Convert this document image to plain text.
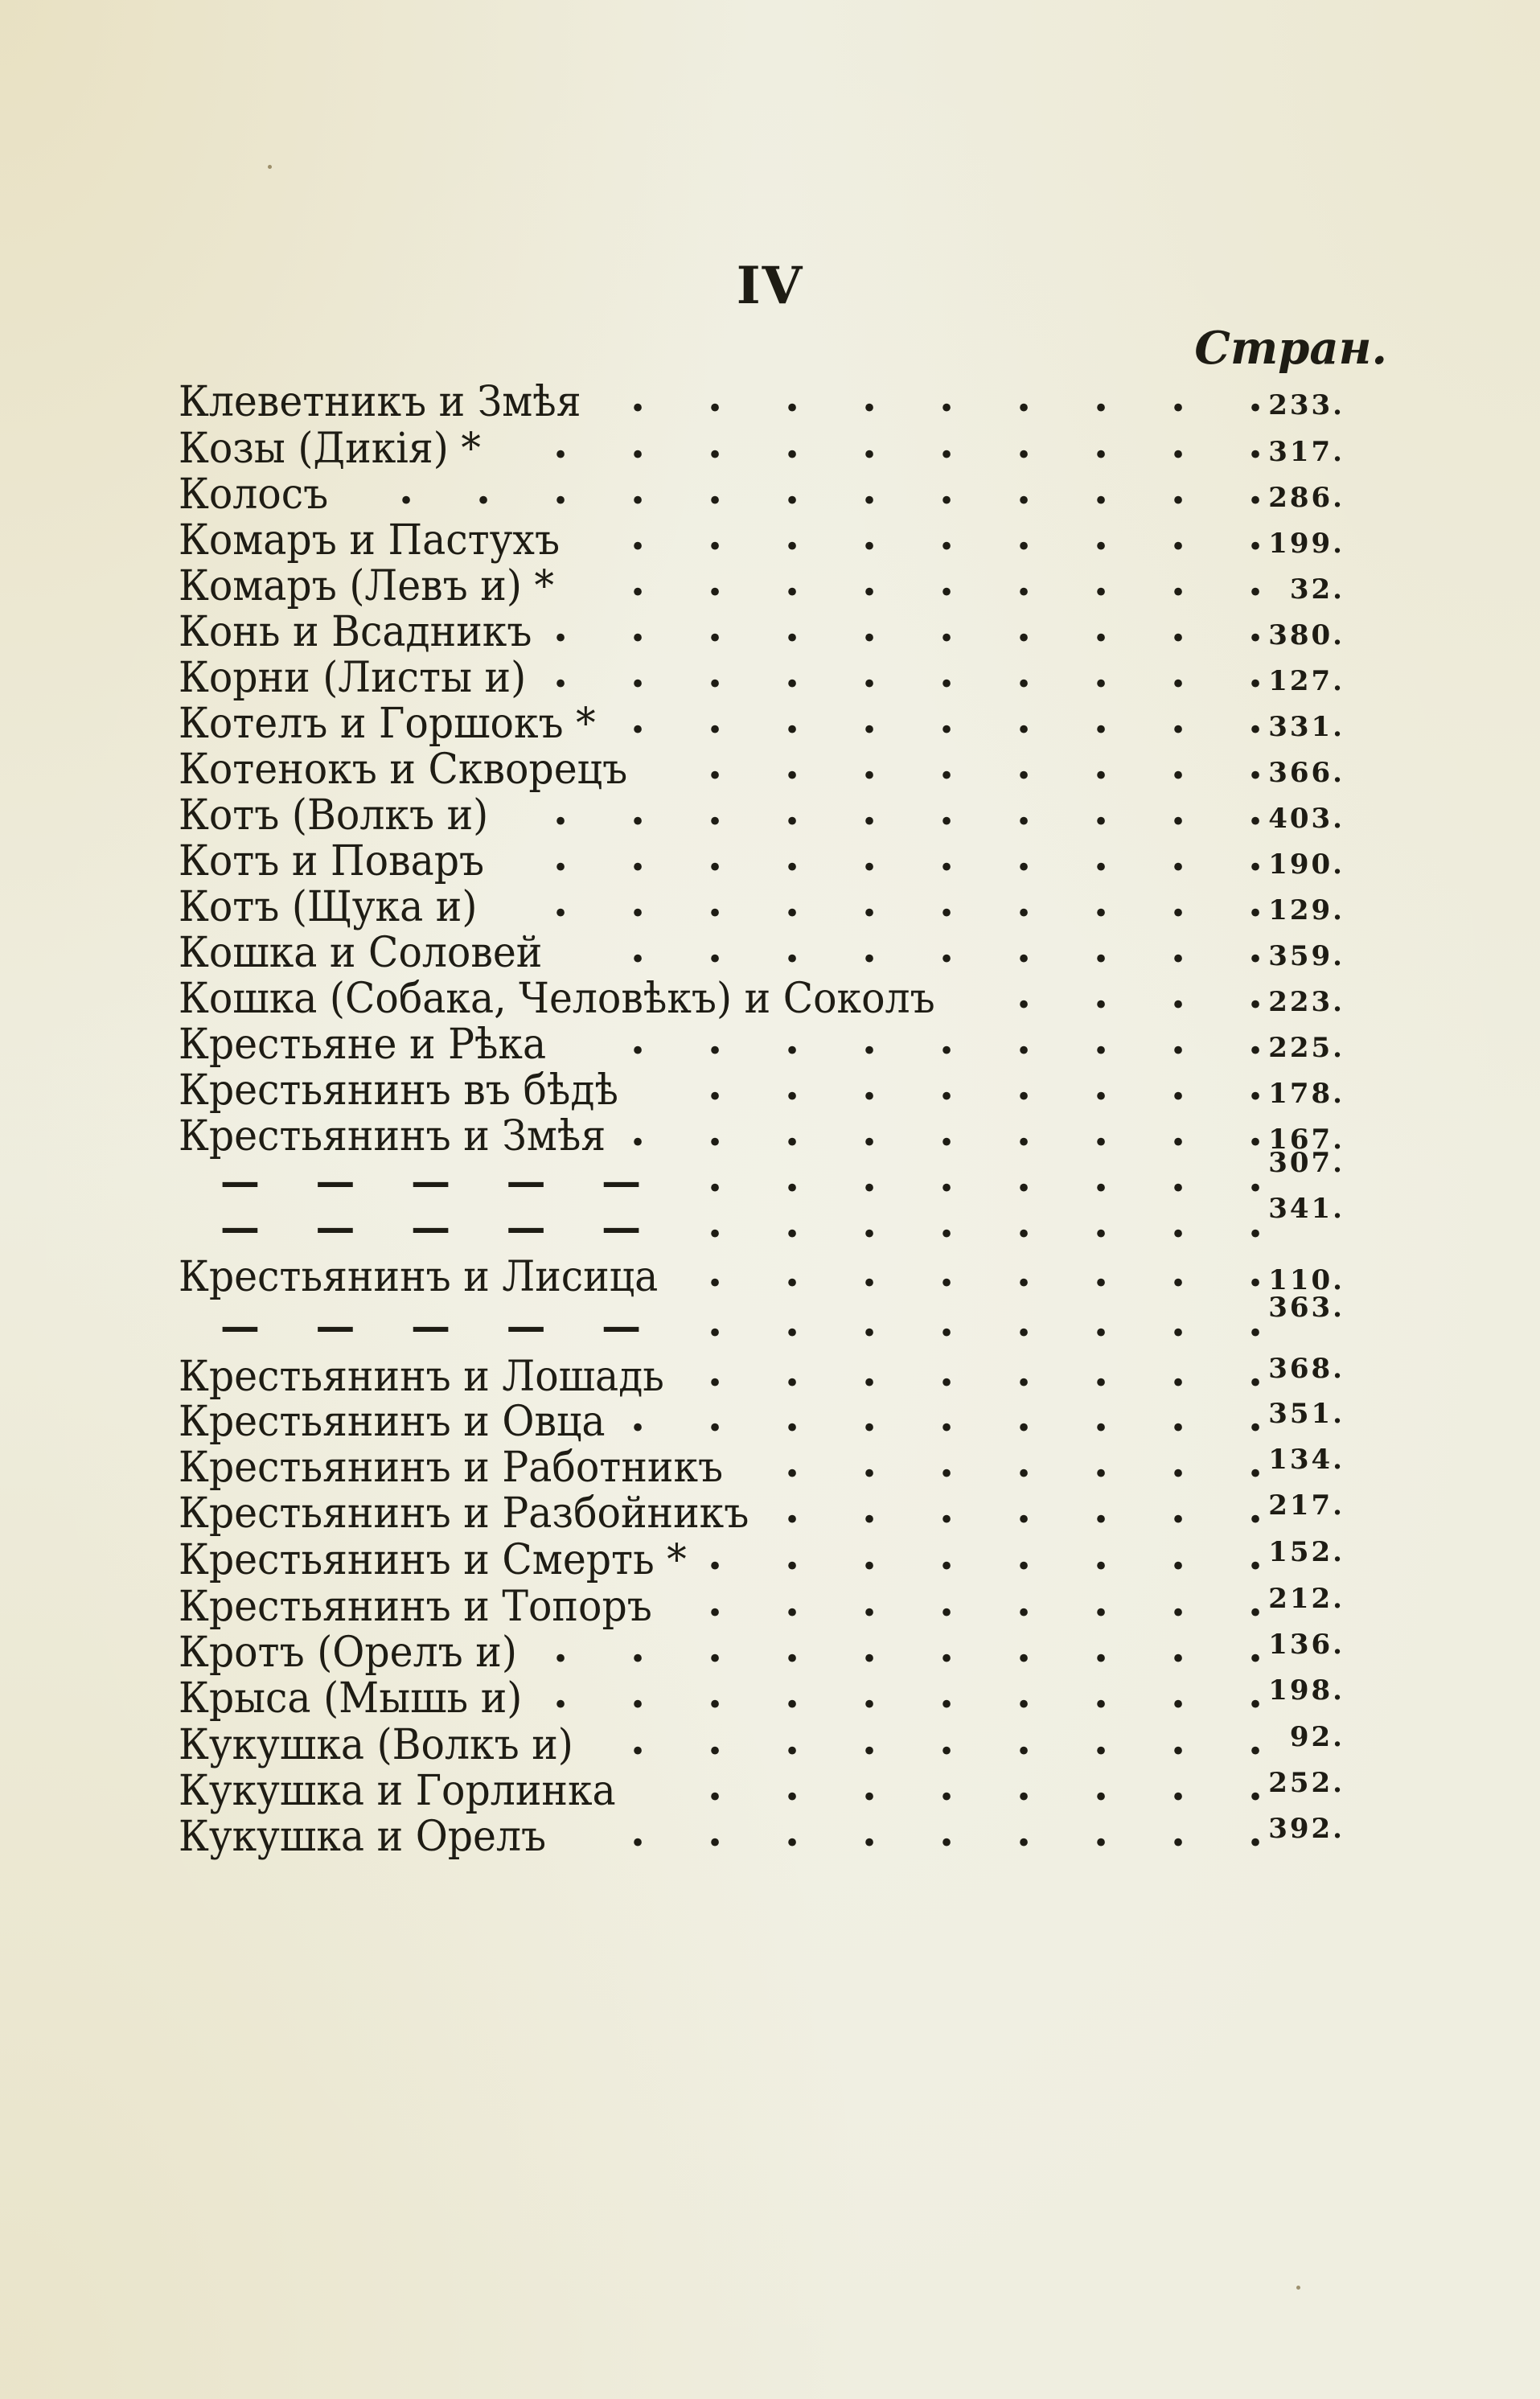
IV
Стран.
Клеветникъ и Змѣя . . . . . . . . . 233.
Козы (Дикія) * . . . . . . . . . . 317.
Колосъ . . . . . . . . . . . . 286.
Комаръ и Пастухъ . . . . . . . . . 199.
Комаръ (Левъ и) * . . . . . . . . . 32.
Конь и Всадникъ . . . . . . . . . . 380.
Корни (Листы и) . . . . . . . . . . 127.
Котелъ и Горшокъ * . . . . . . . . . 331.
Котенокъ и Скворецъ . . . . . . . . 366.
Котъ (Волкъ и) . . . . . . . . . . 403.
Котъ и Поваръ . . . . . . . . . . 190.
Котъ (Щука и) . . . . . . . . . . 129.
Кошка и Соловей . . . . . . . . . 359.
Кошка (Собака, Человѣкъ) и Соколъ . . . . 223.
Крестьяне и Рѣка . . . . . . . . . 225.
Крестьянинъ въ бѣдѣ . . . . . . . . 178.
Крестьянинъ и Змѣя . . . . . . . . . 167.
— — — — — . . . . . . . . 307.
— — — — — . . . . . . . . 341.
Крестьянинъ и Лисица . . . . . . . . 110.
— — — — — . . . . . . . . 363.
Крестьянинъ и Лошадь . . . . . . . . 368.
Крестьянинъ и Овца . . . . . . . . . 351.
Крестьянинъ и Работникъ . . . . . . . 134.
Крестьянинъ и Разбойникъ . . . . . . . 217.
Крестьянинъ и Смерть * . . . . . . . . 152.
Крестьянинъ и Топоръ . . . . . . . . 212.
Кротъ (Орелъ и) . . . . . . . . . . 136.
Крыса (Мышь и) . . . . . . . . . . 198.
Кукушка (Волкъ и) . . . . . . . . . 92.
Кукушка и Горлинка . . . . . . . . 252.
Кукушка и Орелъ . . . . . . . . . 392.
